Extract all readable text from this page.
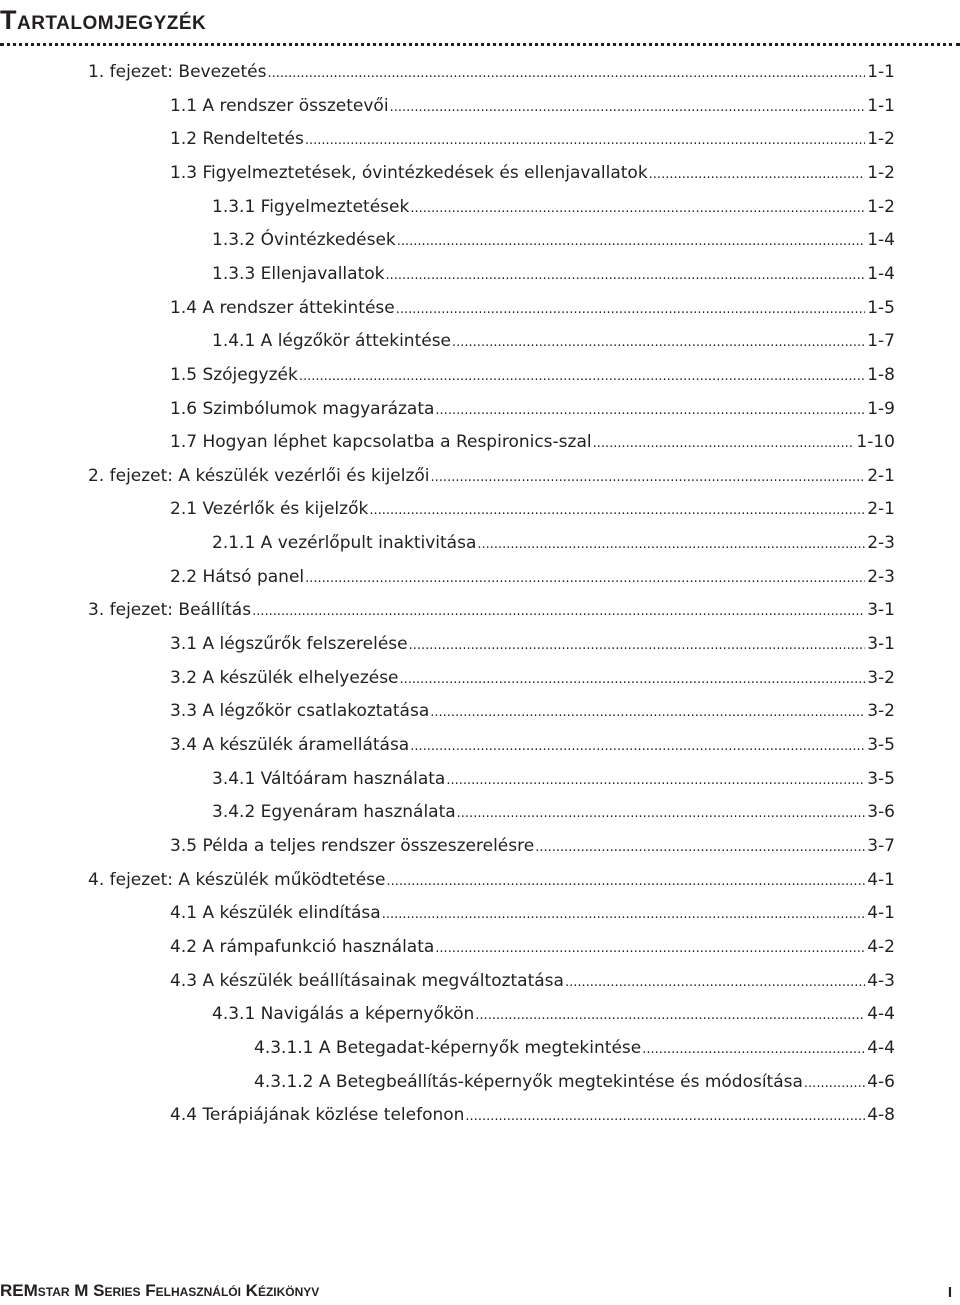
Tartalomjegyzék
1. fejezet: Bevezetés .....	1-1
1.1 A rendszer összetevői .....	1-1
1.2 Rendeltetés .....	1-2
1.3 Figyelmeztetések, óvintézkedések és ellenjavallatok .....	1-2
1.3.1 Figyelmeztetések .....	1-2
1.3.2 Óvintézkedések .....	1-4
1.3.3 Ellenjavallatok .....	1-4
1.4 A rendszer áttekintése .....	1-5
1.4.1 A légzőkör áttekintése .....	1-7
1.5 Szójegyzék .....	1-8
1.6 Szimbólumok magyarázata .....	1-9
1.7 Hogyan léphet kapcsolatba a Respironics-szal .....	1-10
2. fejezet: A készülék vezérlői és kijelzői .....	2-1
2.1 Vezérlők és kijelzők .....	2-1
2.1.1 A vezérlőpult inaktivitása .....	2-3
2.2 Hátsó panel .....	2-3
3. fejezet: Beállítás .....	3-1
3.1 A légszűrők felszerelése .....	3-1
3.2 A készülék elhelyezése .....	3-2
3.3 A légzőkör csatlakoztatása .....	3-2
3.4 A készülék áramellátása .....	3-5
3.4.1 Váltóáram használata .....	3-5
3.4.2 Egyenáram használata .....	3-6
3.5 Példa a teljes rendszer összeszerelésre .....	3-7
4. fejezet: A készülék működtetése .....	4-1
4.1 A készülék elindítása .....	4-1
4.2 A rámpafunkció használata .....	4-2
4.3 A készülék beállításainak megváltoztatása .....	4-3
4.3.1 Navigálás a képernyőkön .....	4-4
4.3.1.1 A Betegadat-képernyők megtekintése .....	4-4
4.3.1.2 A Betegbeállítás-képernyők megtekintése és módosítása .....	4-6
4.4 Terápiájának közlése telefonon .....	4-8
REMstar M Series Felhasználói Kézikönyv	i
